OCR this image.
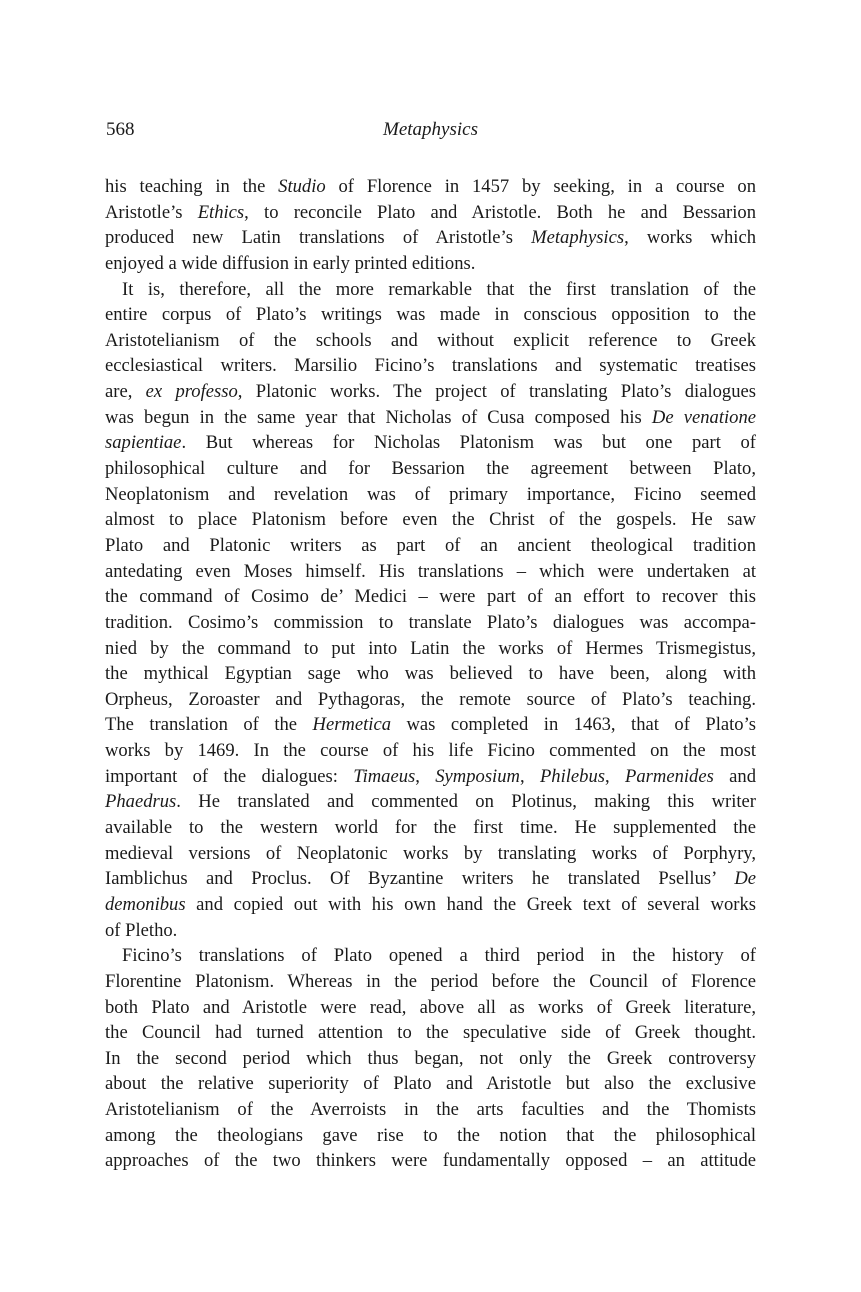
568	Metaphysics
his teaching in the Studio of Florence in 1457 by seeking, in a course on
Aristotle’s Ethics, to reconcile Plato and Aristotle. Both he and Bessarion
produced new Latin translations of Aristotle’s Metaphysics, works which
enjoyed a wide diffusion in early printed editions.
It is, therefore, all the more remarkable that the first translation of the
entire corpus of Plato’s writings was made in conscious opposition to the
Aristotelianism of the schools and without explicit reference to Greek
ecclesiastical writers. Marsilio Ficino’s translations and systematic treatises
are, ex professo, Platonic works. The project of translating Plato’s dialogues
was begun in the same year that Nicholas of Cusa composed his De venatione
sapientiae. But whereas for Nicholas Platonism was but one part of
philosophical culture and for Bessarion the agreement between Plato,
Neoplatonism and revelation was of primary importance, Ficino seemed
almost to place Platonism before even the Christ of the gospels. He saw
Plato and Platonic writers as part of an ancient theological tradition
antedating even Moses himself. His translations – which were undertaken at
the command of Cosimo de’ Medici – were part of an effort to recover this
tradition. Cosimo’s commission to translate Plato’s dialogues was accompa-
nied by the command to put into Latin the works of Hermes Trismegistus,
the mythical Egyptian sage who was believed to have been, along with
Orpheus, Zoroaster and Pythagoras, the remote source of Plato’s teaching.
The translation of the Hermetica was completed in 1463, that of Plato’s
works by 1469. In the course of his life Ficino commented on the most
important of the dialogues: Timaeus, Symposium, Philebus, Parmenides and
Phaedrus. He translated and commented on Plotinus, making this writer
available to the western world for the first time. He supplemented the
medieval versions of Neoplatonic works by translating works of Porphyry,
Iamblichus and Proclus. Of Byzantine writers he translated Psellus’ De
demonibus and copied out with his own hand the Greek text of several works
of Pletho.
Ficino’s translations of Plato opened a third period in the history of
Florentine Platonism. Whereas in the period before the Council of Florence
both Plato and Aristotle were read, above all as works of Greek literature,
the Council had turned attention to the speculative side of Greek thought.
In the second period which thus began, not only the Greek controversy
about the relative superiority of Plato and Aristotle but also the exclusive
Aristotelianism of the Averroists in the arts faculties and the Thomists
among the theologians gave rise to the notion that the philosophical
approaches of the two thinkers were fundamentally opposed – an attitude
